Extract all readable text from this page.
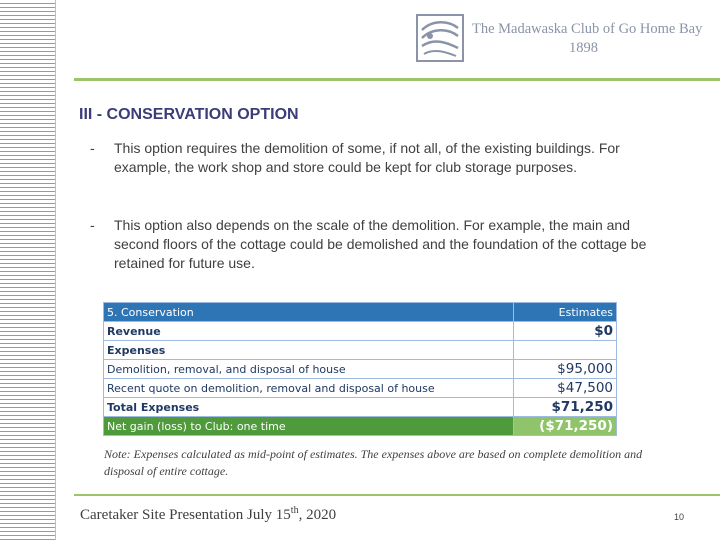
The Madawaska Club of Go Home Bay
1898
III - CONSERVATION OPTION
- This option requires the demolition of some, if not all, of the existing buildings. For example, the work shop and store could be kept for club storage purposes.
- This option also depends on the scale of the demolition. For example, the main and second floors of the cottage could be demolished and the foundation of the cottage be retained for future use.
5. Conservation	Estimates
Revenue	$0
Expenses	
Demolition, removal, and disposal of house	$95,000
Recent quote on demolition, removal and disposal of house	$47,500
Total Expenses	$71,250
Net gain (loss) to Club: one time	($71,250)
Note: Expenses calculated as mid-point of estimates. The expenses above are based on complete demolition and disposal of entire cottage.
Caretaker Site Presentation July 15th, 2020	10
